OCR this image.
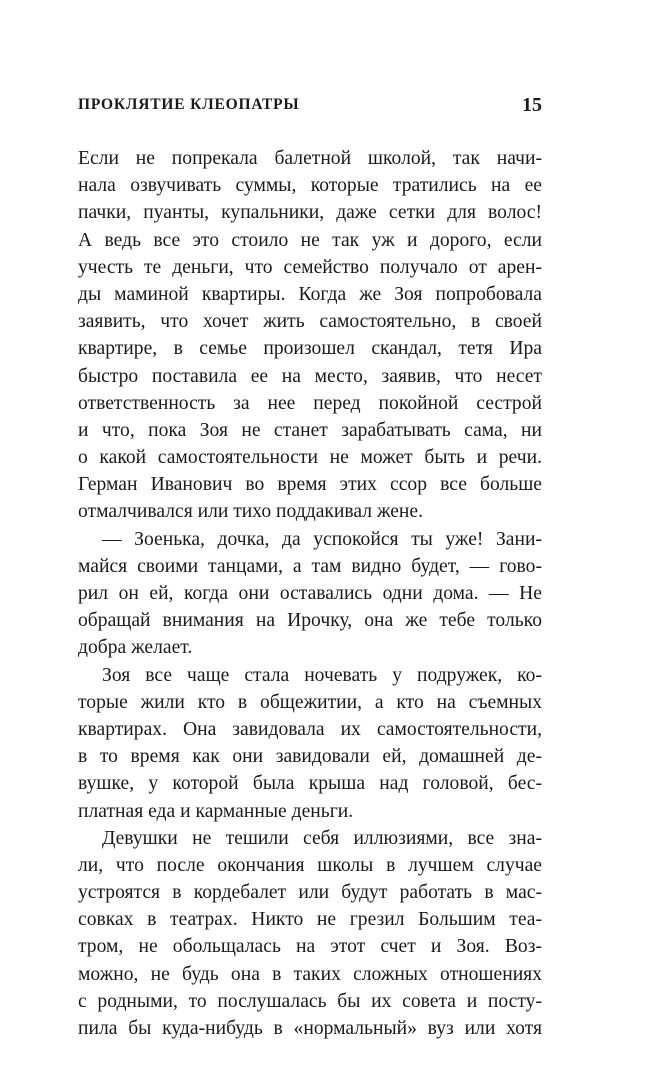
ПРОКЛЯТИЕ КЛЕОПАТРЫ	15
Если не попрекала балетной школой, так начи-
нала озвучивать суммы, которые тратились на ее
пачки, пуанты, купальники, даже сетки для волос!
А ведь все это стоило не так уж и дорого, если
учесть те деньги, что семейство получало от арен-
ды маминой квартиры. Когда же Зоя попробовала
заявить, что хочет жить самостоятельно, в своей
квартире, в семье произошел скандал, тетя Ира
быстро поставила ее на место, заявив, что несет
ответственность за нее перед покойной сестрой
и что, пока Зоя не станет зарабатывать сама, ни
о какой самостоятельности не может быть и речи.
Герман Иванович во время этих ссор все больше
отмалчивался или тихо поддакивал жене.
— Зоенька, дочка, да успокойся ты уже! Зани-
майся своими танцами, а там видно будет, — гово-
рил он ей, когда они оставались одни дома. — Не
обращай внимания на Ирочку, она же тебе только
добра желает.
Зоя все чаще стала ночевать у подружек, ко-
торые жили кто в общежитии, а кто на съемных
квартирах. Она завидовала их самостоятельности,
в то время как они завидовали ей, домашней де-
вушке, у которой была крыша над головой, бес-
платная еда и карманные деньги.
Девушки не тешили себя иллюзиями, все зна-
ли, что после окончания школы в лучшем случае
устроятся в кордебалет или будут работать в мас-
совках в театрах. Никто не грезил Большим теа-
тром, не обольщалась на этот счет и Зоя. Воз-
можно, не будь она в таких сложных отношениях
с родными, то послушалась бы их совета и посту-
пила бы куда-нибудь в «нормальный» вуз или хотя
